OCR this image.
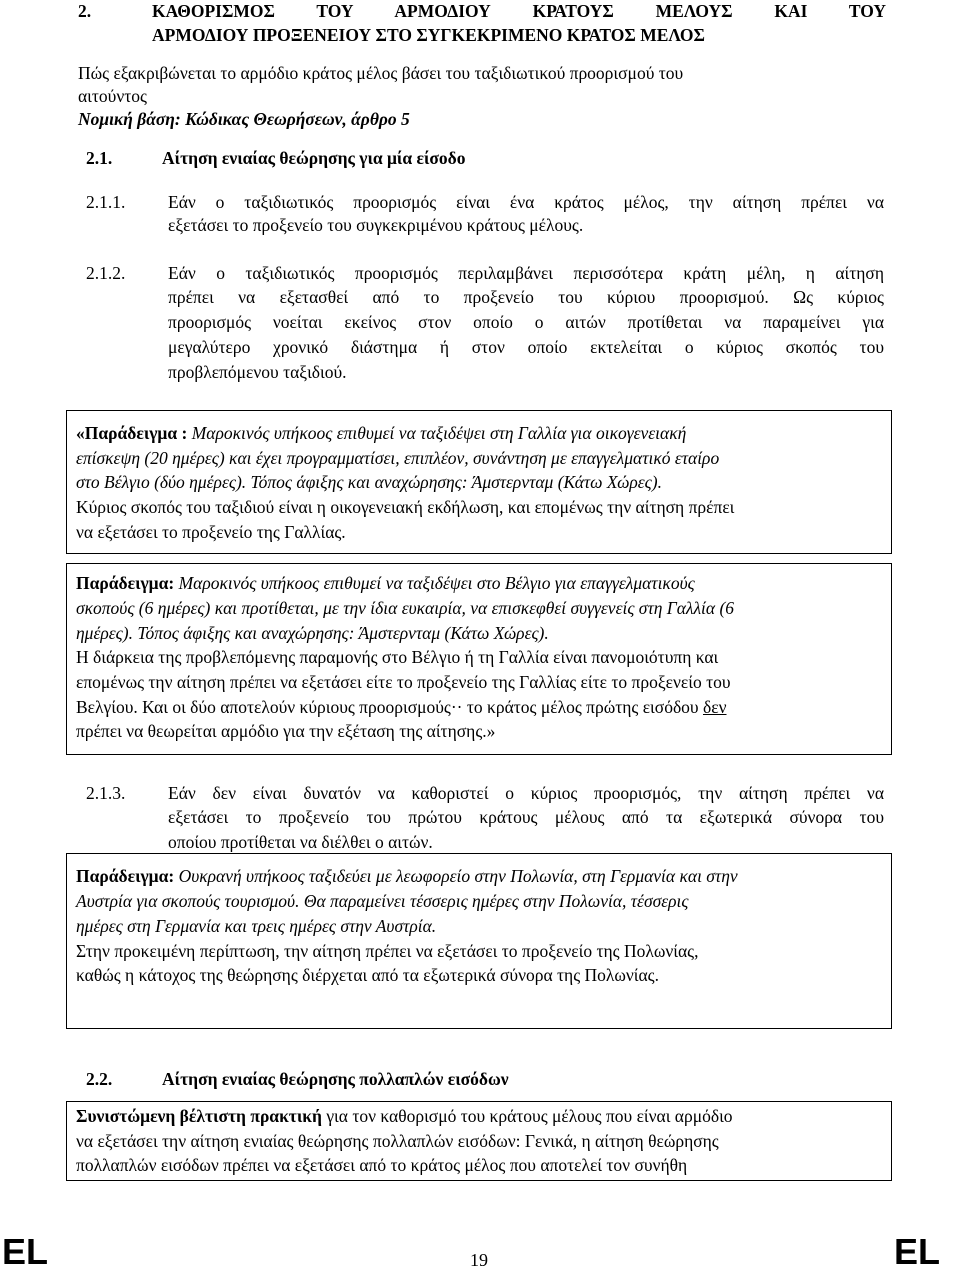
2.	ΚΑΘΟΡΙΣΜΟΣ ΤΟΥ ΑΡΜΟΔΙΟΥ ΚΡΑΤΟΥΣ ΜΕΛΟΥΣ ΚΑΙ ΤΟΥ
ΑΡΜΟΔΙΟΥ ΠΡΟΞΕΝΕΙΟΥ ΣΤΟ ΣΥΓΚΕΚΡΙΜΕΝΟ ΚΡΑΤΟΣ ΜΕΛΟΣ
Πώς εξακριβώνεται το αρμόδιο κράτος μέλος βάσει του ταξιδιωτικού προορισμού του
αιτούντος
Νομική βάση: Κώδικας Θεωρήσεων, άρθρο 5
2.1.	Αίτηση ενιαίας θεώρησης για μία είσοδο
2.1.1. Εάν ο ταξιδιωτικός προορισμός είναι ένα κράτος μέλος, την αίτηση πρέπει να
εξετάσει το προξενείο του συγκεκριμένου κράτους μέλους.
2.1.2. Εάν ο ταξιδιωτικός προορισμός περιλαμβάνει περισσότερα κράτη μέλη, η αίτηση
πρέπει να εξετασθεί από το προξενείο του κύριου προορισμού. Ως κύριος
προορισμός νοείται εκείνος στον οποίο ο αιτών προτίθεται να παραμείνει για
μεγαλύτερο χρονικό διάστημα ή στον οποίο εκτελείται ο κύριος σκοπός του
προβλεπόμενου ταξιδιού.
«Παράδειγμα : Μαροκινός υπήκοος επιθυμεί να ταξιδέψει στη Γαλλία για οικογενειακή
επίσκεψη (20 ημέρες) και έχει προγραμματίσει, επιπλέον, συνάντηση με επαγγελματικό εταίρο
στο Βέλγιο (δύο ημέρες). Τόπος άφιξης και αναχώρησης: Άμστερνταμ (Κάτω Χώρες).
Κύριος σκοπός του ταξιδιού είναι η οικογενειακή εκδήλωση, και επομένως την αίτηση πρέπει
να εξετάσει το προξενείο της Γαλλίας.
Παράδειγμα: Μαροκινός υπήκοος επιθυμεί να ταξιδέψει στο Βέλγιο για επαγγελματικούς
σκοπούς (6 ημέρες) και προτίθεται, με την ίδια ευκαιρία, να επισκεφθεί συγγενείς στη Γαλλία (6
ημέρες). Τόπος άφιξης και αναχώρησης: Άμστερνταμ (Κάτω Χώρες).
Η διάρκεια της προβλεπόμενης παραμονής στο Βέλγιο ή τη Γαλλία είναι πανομοιότυπη και
επομένως την αίτηση πρέπει να εξετάσει είτε το προξενείο της Γαλλίας είτε το προξενείο του
Βελγίου. Και οι δύο αποτελούν κύριους προορισμούς·· το κράτος μέλος πρώτης εισόδου δεν
πρέπει να θεωρείται αρμόδιο για την εξέταση της αίτησης.»
2.1.3. Εάν δεν είναι δυνατόν να καθοριστεί ο κύριος προορισμός, την αίτηση πρέπει να
εξετάσει το προξενείο του πρώτου κράτους μέλους από τα εξωτερικά σύνορα του
οποίου προτίθεται να διέλθει ο αιτών.
Παράδειγμα: Ουκρανή υπήκοος ταξιδεύει με λεωφορείο στην Πολωνία, στη Γερμανία και στην
Αυστρία για σκοπούς τουρισμού. Θα παραμείνει τέσσερις ημέρες στην Πολωνία, τέσσερις
ημέρες στη Γερμανία και τρεις ημέρες στην Αυστρία.
Στην προκειμένη περίπτωση, την αίτηση πρέπει να εξετάσει το προξενείο της Πολωνίας,
καθώς η κάτοχος της θεώρησης διέρχεται από τα εξωτερικά σύνορα της Πολωνίας.
2.2.	Αίτηση ενιαίας θεώρησης πολλαπλών εισόδων
Συνιστώμενη βέλτιστη πρακτική για τον καθορισμό του κράτους μέλους που είναι αρμόδιο
να εξετάσει την αίτηση ενιαίας θεώρησης πολλαπλών εισόδων: Γενικά, η αίτηση θεώρησης
πολλαπλών εισόδων πρέπει να εξετάσει από το κράτος μέλος που αποτελεί τον συνήθη
EL	19	EL
